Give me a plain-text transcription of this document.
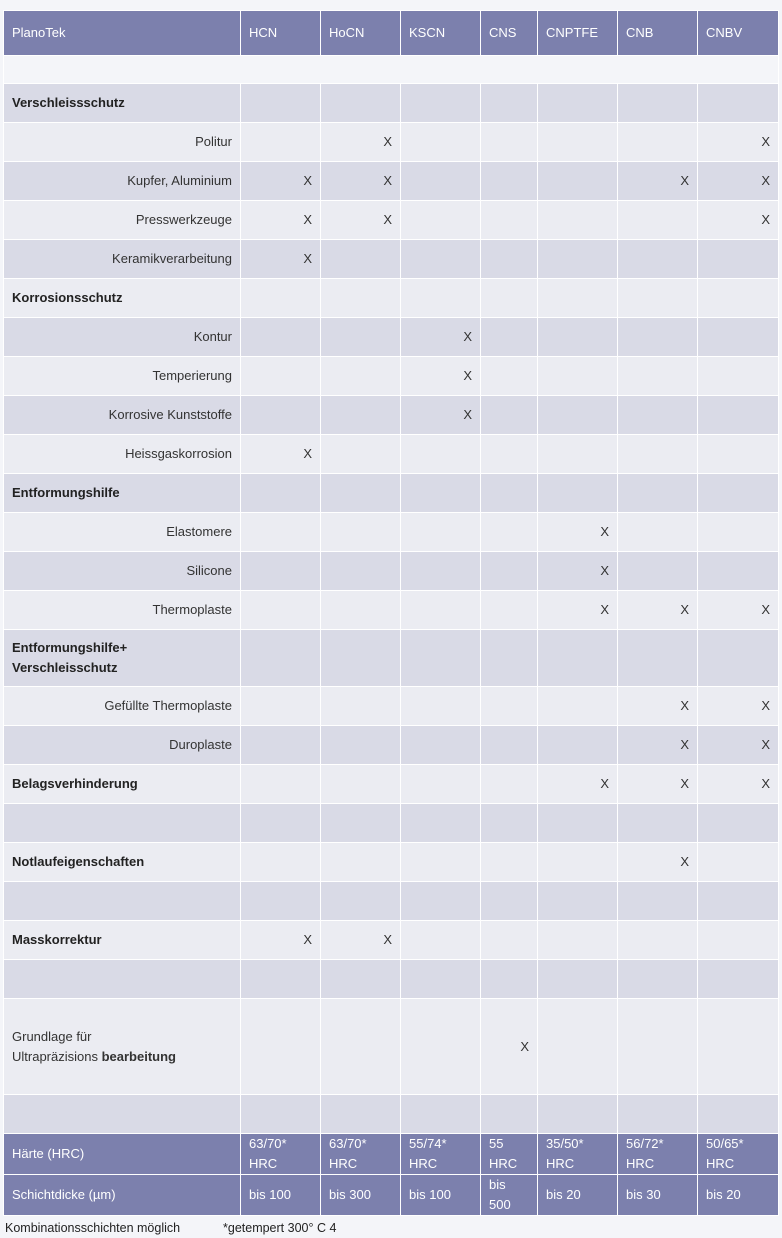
PlanoTek	HCN	HoCN	KSCN	CNS	CNPTFE	CNB	CNBV

Verschleissschutz							
Politur		X					X
Kupfer, Aluminium	X	X				X	X
Presswerkzeuge	X	X					X
Keramikverarbeitung	X						
Korrosionsschutz							
Kontur			X				
Temperierung			X				
Korrosive Kunststoffe			X				
Heissgaskorrosion	X						
Entformungshilfe							
Elastomere					X		
Silicone					X		
Thermoplaste					X	X	X
Entformungshilfe+ Verschleisschutz							
Gefüllte Thermoplaste						X	X
Duroplaste						X	X
Belagsverhinderung					X	X	X

Notlaufeigenschaften						X	

Masskorrektur	X	X					

Grundlage für Ultrapräzisions bearbeitung				X			

Härte (HRC)	63/70* HRC	63/70* HRC	55/74* HRC	55 HRC	35/50* HRC	56/72* HRC	50/65* HRC
Schichtdicke (µm)	bis 100	bis 300	bis 100	bis 500	bis 20	bis 30	bis 20
Kombinationsschichten möglich	*getempert 300° C 4
